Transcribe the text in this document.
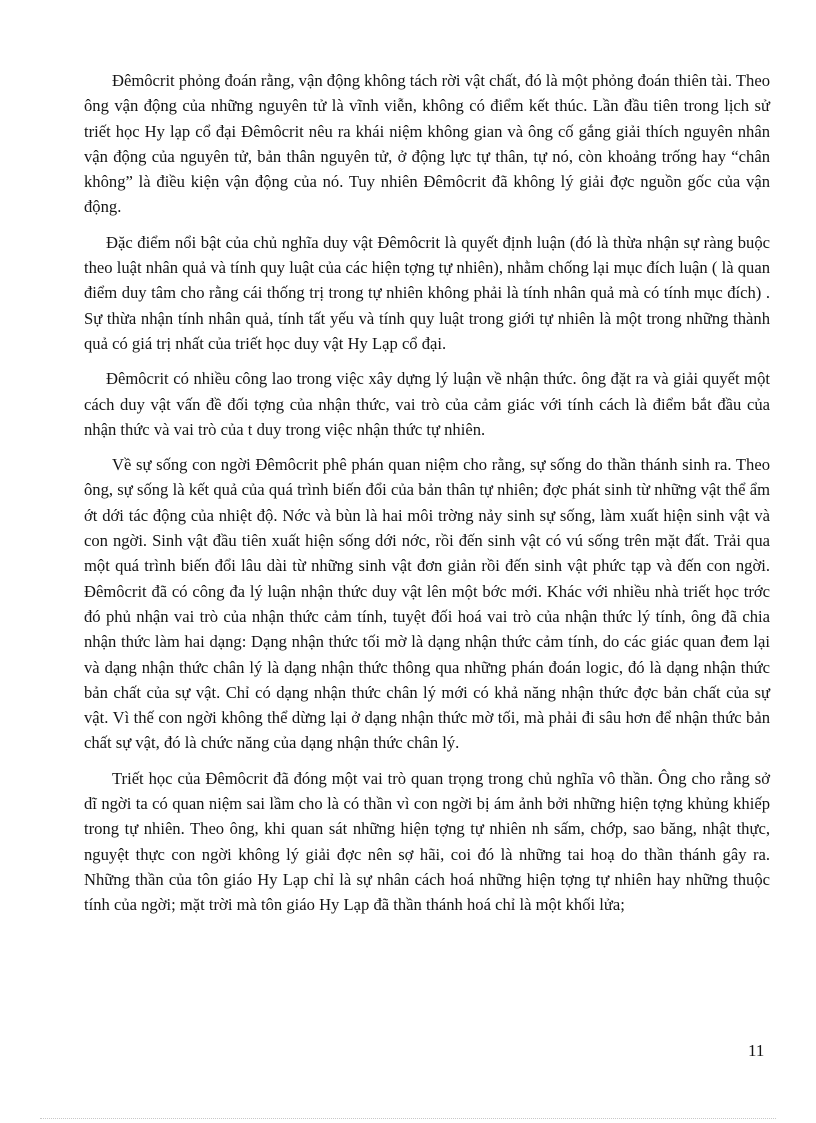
Đêmôcrit phỏng đoán rằng, vận động không tách rời vật chất, đó là một phỏng đoán thiên tài. Theo ông vận động của những nguyên tử là vĩnh viễn, không có điểm kết thúc. Lần đầu tiên trong lịch sử triết học Hy lạp cổ đại Đêmôcrit nêu ra khái niệm không gian và ông cố gắng giải thích nguyên nhân vận động của nguyên tử, bản thân nguyên tử, ở động lực tự thân, tự nó, còn khoảng trống hay “chân không” là điều kiện vận động của nó. Tuy nhiên Đêmôcrit đã không lý giải đợc nguồn gốc của vận động.

Đặc điểm nổi bật của chủ nghĩa duy vật Đêmôcrit là quyết định luận (đó là thừa nhận sự ràng buộc theo luật nhân quả và tính quy luật của các hiện tợng tự nhiên), nhằm chống lại mục đích luận ( là quan điểm duy tâm cho rằng cái thống trị trong tự nhiên không phải là tính nhân quả mà có tính mục đích) . Sự thừa nhận tính nhân quả, tính tất yếu và tính quy luật trong giới tự nhiên là một trong những thành quả có giá trị nhất của triết học duy vật Hy Lạp cổ đại.

Đêmôcrit có nhiều công lao trong việc xây dựng lý luận về nhận thức. ông đặt ra và giải quyết một cách duy vật vấn đề đối tợng của nhận thức, vai trò của cảm giác với tính cách là điểm bắt đầu của nhận thức và vai trò của t duy trong việc nhận thức tự nhiên.

Về sự sống con ngời Đêmôcrit phê phán quan niệm cho rằng, sự sống do thần thánh sinh ra. Theo ông, sự sống là kết quả của quá trình biến đổi của bản thân tự nhiên; đợc phát sinh từ những vật thể ẩm ớt dới tác động của nhiệt độ. Nớc và bùn là hai môi trờng nảy sinh sự sống, làm xuất hiện sinh vật và con ngời. Sinh vật đầu tiên xuất hiện sống dới nớc, rồi đến sinh vật có vú sống trên mặt đất. Trải qua một quá trình biến đổi lâu dài từ những sinh vật đơn giản rồi đến sinh vật phức tạp và đến con ngời. Đêmôcrit đã có công đa lý luận nhận thức duy vật lên một bớc mới. Khác với nhiều nhà triết học trớc đó phủ nhận vai trò của nhận thức cảm tính, tuyệt đối hoá vai trò của nhận thức lý tính, ông đã chia nhận thức làm hai dạng: Dạng nhận thức tối mờ là dạng nhận thức cảm tính, do các giác quan đem lại và dạng nhận thức chân lý là dạng nhận thức thông qua những phán đoán logic, đó là dạng nhận thức bản chất của sự vật. Chỉ có dạng nhận thức chân lý mới có khả năng nhận thức đợc bản chất của sự vật. Vì thế con ngời không thể dừng lại ở dạng nhận thức mờ tối, mà phải đi sâu hơn để nhận thức bản chất sự vật, đó là chức năng của dạng nhận thức chân lý.

Triết học của Đêmôcrit đã đóng một vai trò quan trọng trong chủ nghĩa vô thần. Ông cho rằng sở dĩ ngời ta có quan niệm sai lầm cho là có thần vì con ngời bị ám ảnh bởi những hiện tợng khủng khiếp trong tự nhiên. Theo ông, khi quan sát những hiện tợng tự nhiên nh sấm, chớp, sao băng, nhật thực, nguyệt thực con ngời không lý giải đợc nên sợ hãi, coi đó là những tai hoạ do thần thánh gây ra. Những thần của tôn giáo Hy Lạp chỉ là sự nhân cách hoá những hiện tợng tự nhiên hay những thuộc tính của ngời; mặt trời mà tôn giáo Hy Lạp đã thần thánh hoá chỉ là một khối lửa;

11
